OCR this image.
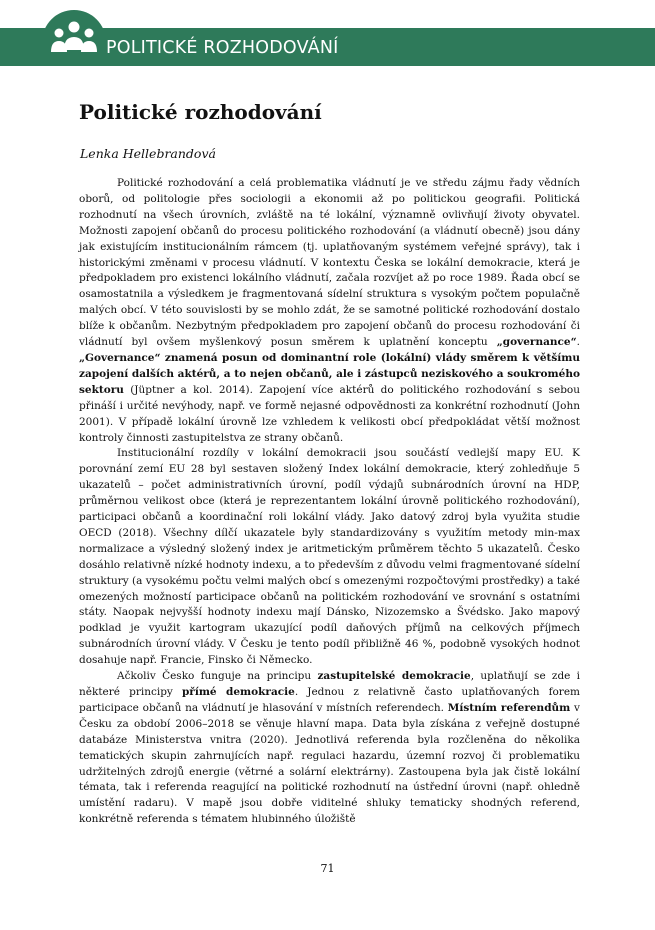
POLITICKÉ ROZHODOVÁNÍ
Politické rozhodování

Lenka Hellebrandová

Politické rozhodování a celá problematika vládnutí je ve středu zájmu řady vědních oborů, od politologie přes sociologii a ekonomii až po politickou geografii. Politická rozhodnutí na všech úrovních, zvláště na té lokální, významně ovlivňují životy obyvatel. Možnosti zapojení občanů do procesu politického rozhodování (a vládnutí obecně) jsou dány jak existujícím institucionálním rámcem (tj. uplatňovaným systémem veřejné správy), tak i historickými změnami v procesu vládnutí. V kontextu Česka se lokální demokracie, která je předpokladem pro existenci lokálního vládnutí, začala rozvíjet až po roce 1989. Řada obcí se osamostatnila a výsledkem je fragmentovaná sídelní struktura s vysokým počtem populačně malých obcí. V této souvislosti by se mohlo zdát, že se samotné politické rozhodování dostalo blíže k občanům. Nezbytným předpokladem pro zapojení občanů do procesu rozhodování či vládnutí byl ovšem myšlenkový posun směrem k uplatnění konceptu „governance“. „Governance“ znamená posun od dominantní role (lokální) vlády směrem k většímu zapojení dalších aktérů, a to nejen občanů, ale i zástupců neziskového a soukromého sektoru (Jüptner a kol. 2014). Zapojení více aktérů do politického rozhodování s sebou přináší i určité nevýhody, např. ve formě nejasné odpovědnosti za konkrétní rozhodnutí (John 2001). V případě lokální úrovně lze vzhledem k velikosti obcí předpokládat větší možnost kontroly činnosti zastupitelstva ze strany občanů.

Institucionální rozdíly v lokální demokracii jsou součástí vedlejší mapy EU. K porovnání zemí EU 28 byl sestaven složený Index lokální demokracie, který zohledňuje 5 ukazatelů – počet administrativních úrovní, podíl výdajů subnárodních úrovní na HDP, průměrnou velikost obce (která je reprezentantem lokální úrovně politického rozhodování), participaci občanů a koordinační roli lokální vlády. Jako datový zdroj byla využita studie OECD (2018). Všechny dílčí ukazatele byly standardizovány s využitím metody min-max normalizace a výsledný složený index je aritmetickým průměrem těchto 5 ukazatelů. Česko dosáhlo relativně nízké hodnoty indexu, a to především z důvodu velmi fragmentované sídelní struktury (a vysokému počtu velmi malých obcí s omezenými rozpočtovými prostředky) a také omezených možností participace občanů na politickém rozhodování ve srovnání s ostatními státy. Naopak nejvyšší hodnoty indexu mají Dánsko, Nizozemsko a Švédsko. Jako mapový podklad je využit kartogram ukazující podíl daňových příjmů na celkových příjmech subnárodních úrovní vlády. V Česku je tento podíl přibližně 46 %, podobně vysokých hodnot dosahuje např. Francie, Finsko či Německo.

Ačkoliv Česko funguje na principu zastupitelské demokracie, uplatňují se zde i některé principy přímé demokracie. Jednou z relativně často uplatňovaných forem participace občanů na vládnutí je hlasování v místních referendech. Místním referendům v Česku za období 2006–2018 se věnuje hlavní mapa. Data byla získána z veřejně dostupné databáze Ministerstva vnitra (2020). Jednotlivá referenda byla rozčleněna do několika tematických skupin zahrnujících např. regulaci hazardu, územní rozvoj či problematiku udržitelných zdrojů energie (větrné a solární elektrárny). Zastoupena byla jak čistě lokální témata, tak i referenda reagující na politické rozhodnutí na ústřední úrovni (např. ohledně umístění radaru). V mapě jsou dobře viditelné shluky tematicky shodných referend, konkrétně referenda s tématem hlubinného úložiště

71
